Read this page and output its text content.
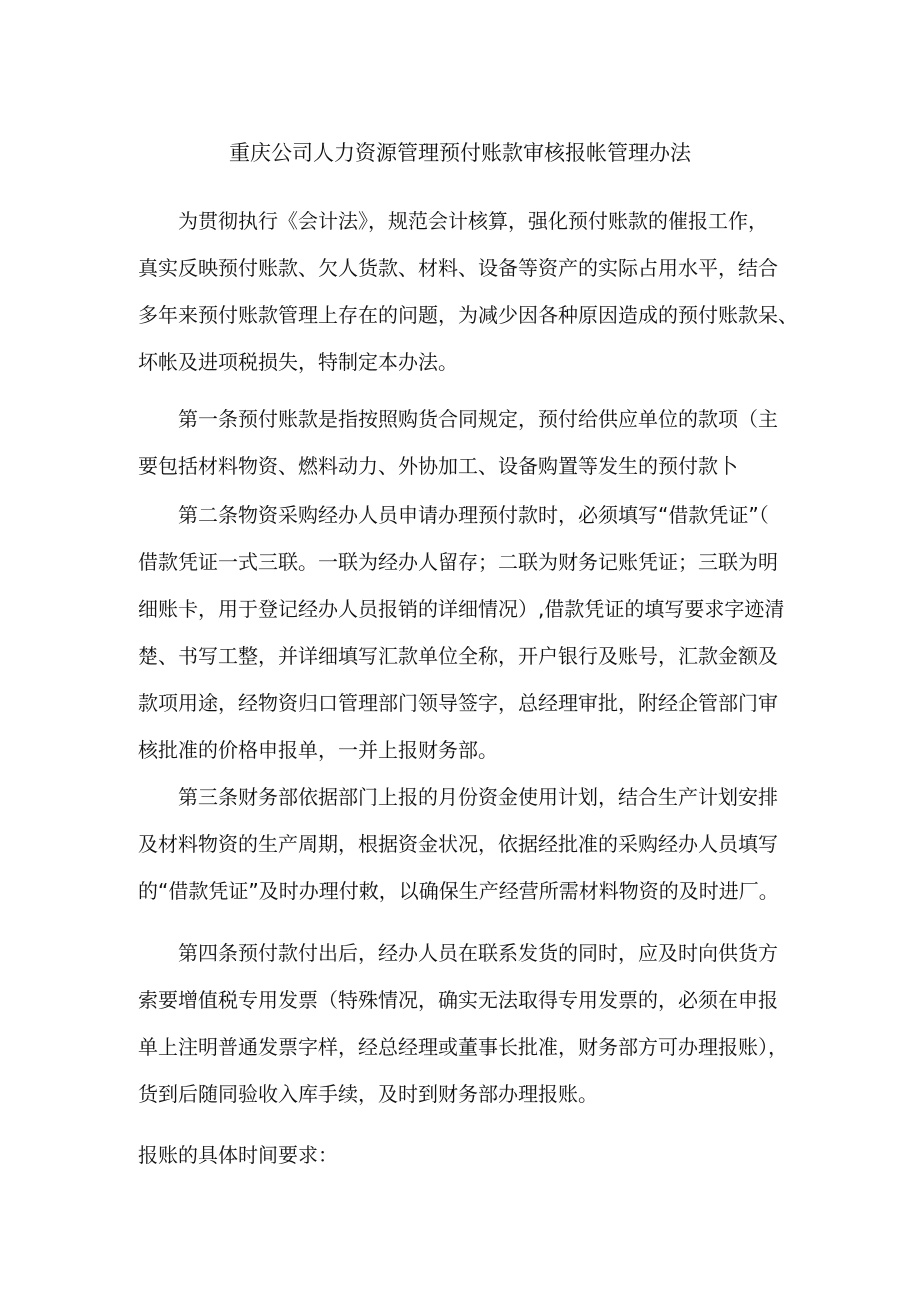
重庆公司人力资源管理预付账款审核报帐管理办法
为贯彻执行《会计法》，规范会计核算，强化预付账款的催报工作，
真实反映预付账款、欠人货款、材料、设备等资产的实际占用水平，结合
多年来预付账款管理上存在的问题，为减少因各种原因造成的预付账款呆、
坏帐及进项税损失，特制定本办法。
第一条预付账款是指按照购货合同规定，预付给供应单位的款项（主
要包括材料物资、燃料动力、外协加工、设备购置等发生的预付款卜
第二条物资采购经办人员申请办理预付款时，必须填写“借款凭证”（
借款凭证一式三联。一联为经办人留存；二联为财务记账凭证；三联为明
细账卡，用于登记经办人员报销的详细情况）,借款凭证的填写要求字迹清
楚、书写工整，并详细填写汇款单位全称，开户银行及账号，汇款金额及
款项用途，经物资归口管理部门领导签字，总经理审批，附经企管部门审
核批准的价格申报单，一并上报财务部。
第三条财务部依据部门上报的月份资金使用计划，结合生产计划安排
及材料物资的生产周期，根据资金状况，依据经批准的采购经办人员填写
的“借款凭证”及时办理付敕，以确保生产经营所需材料物资的及时进厂。
第四条预付款付出后，经办人员在联系发货的同时，应及时向供货方
索要增值税专用发票（特殊情况，确实无法取得专用发票的，必须在申报
单上注明普通发票字样，经总经理或董事长批准，财务部方可办理报账），
货到后随同验收入库手续，及时到财务部办理报账。
报账的具体时间要求：
